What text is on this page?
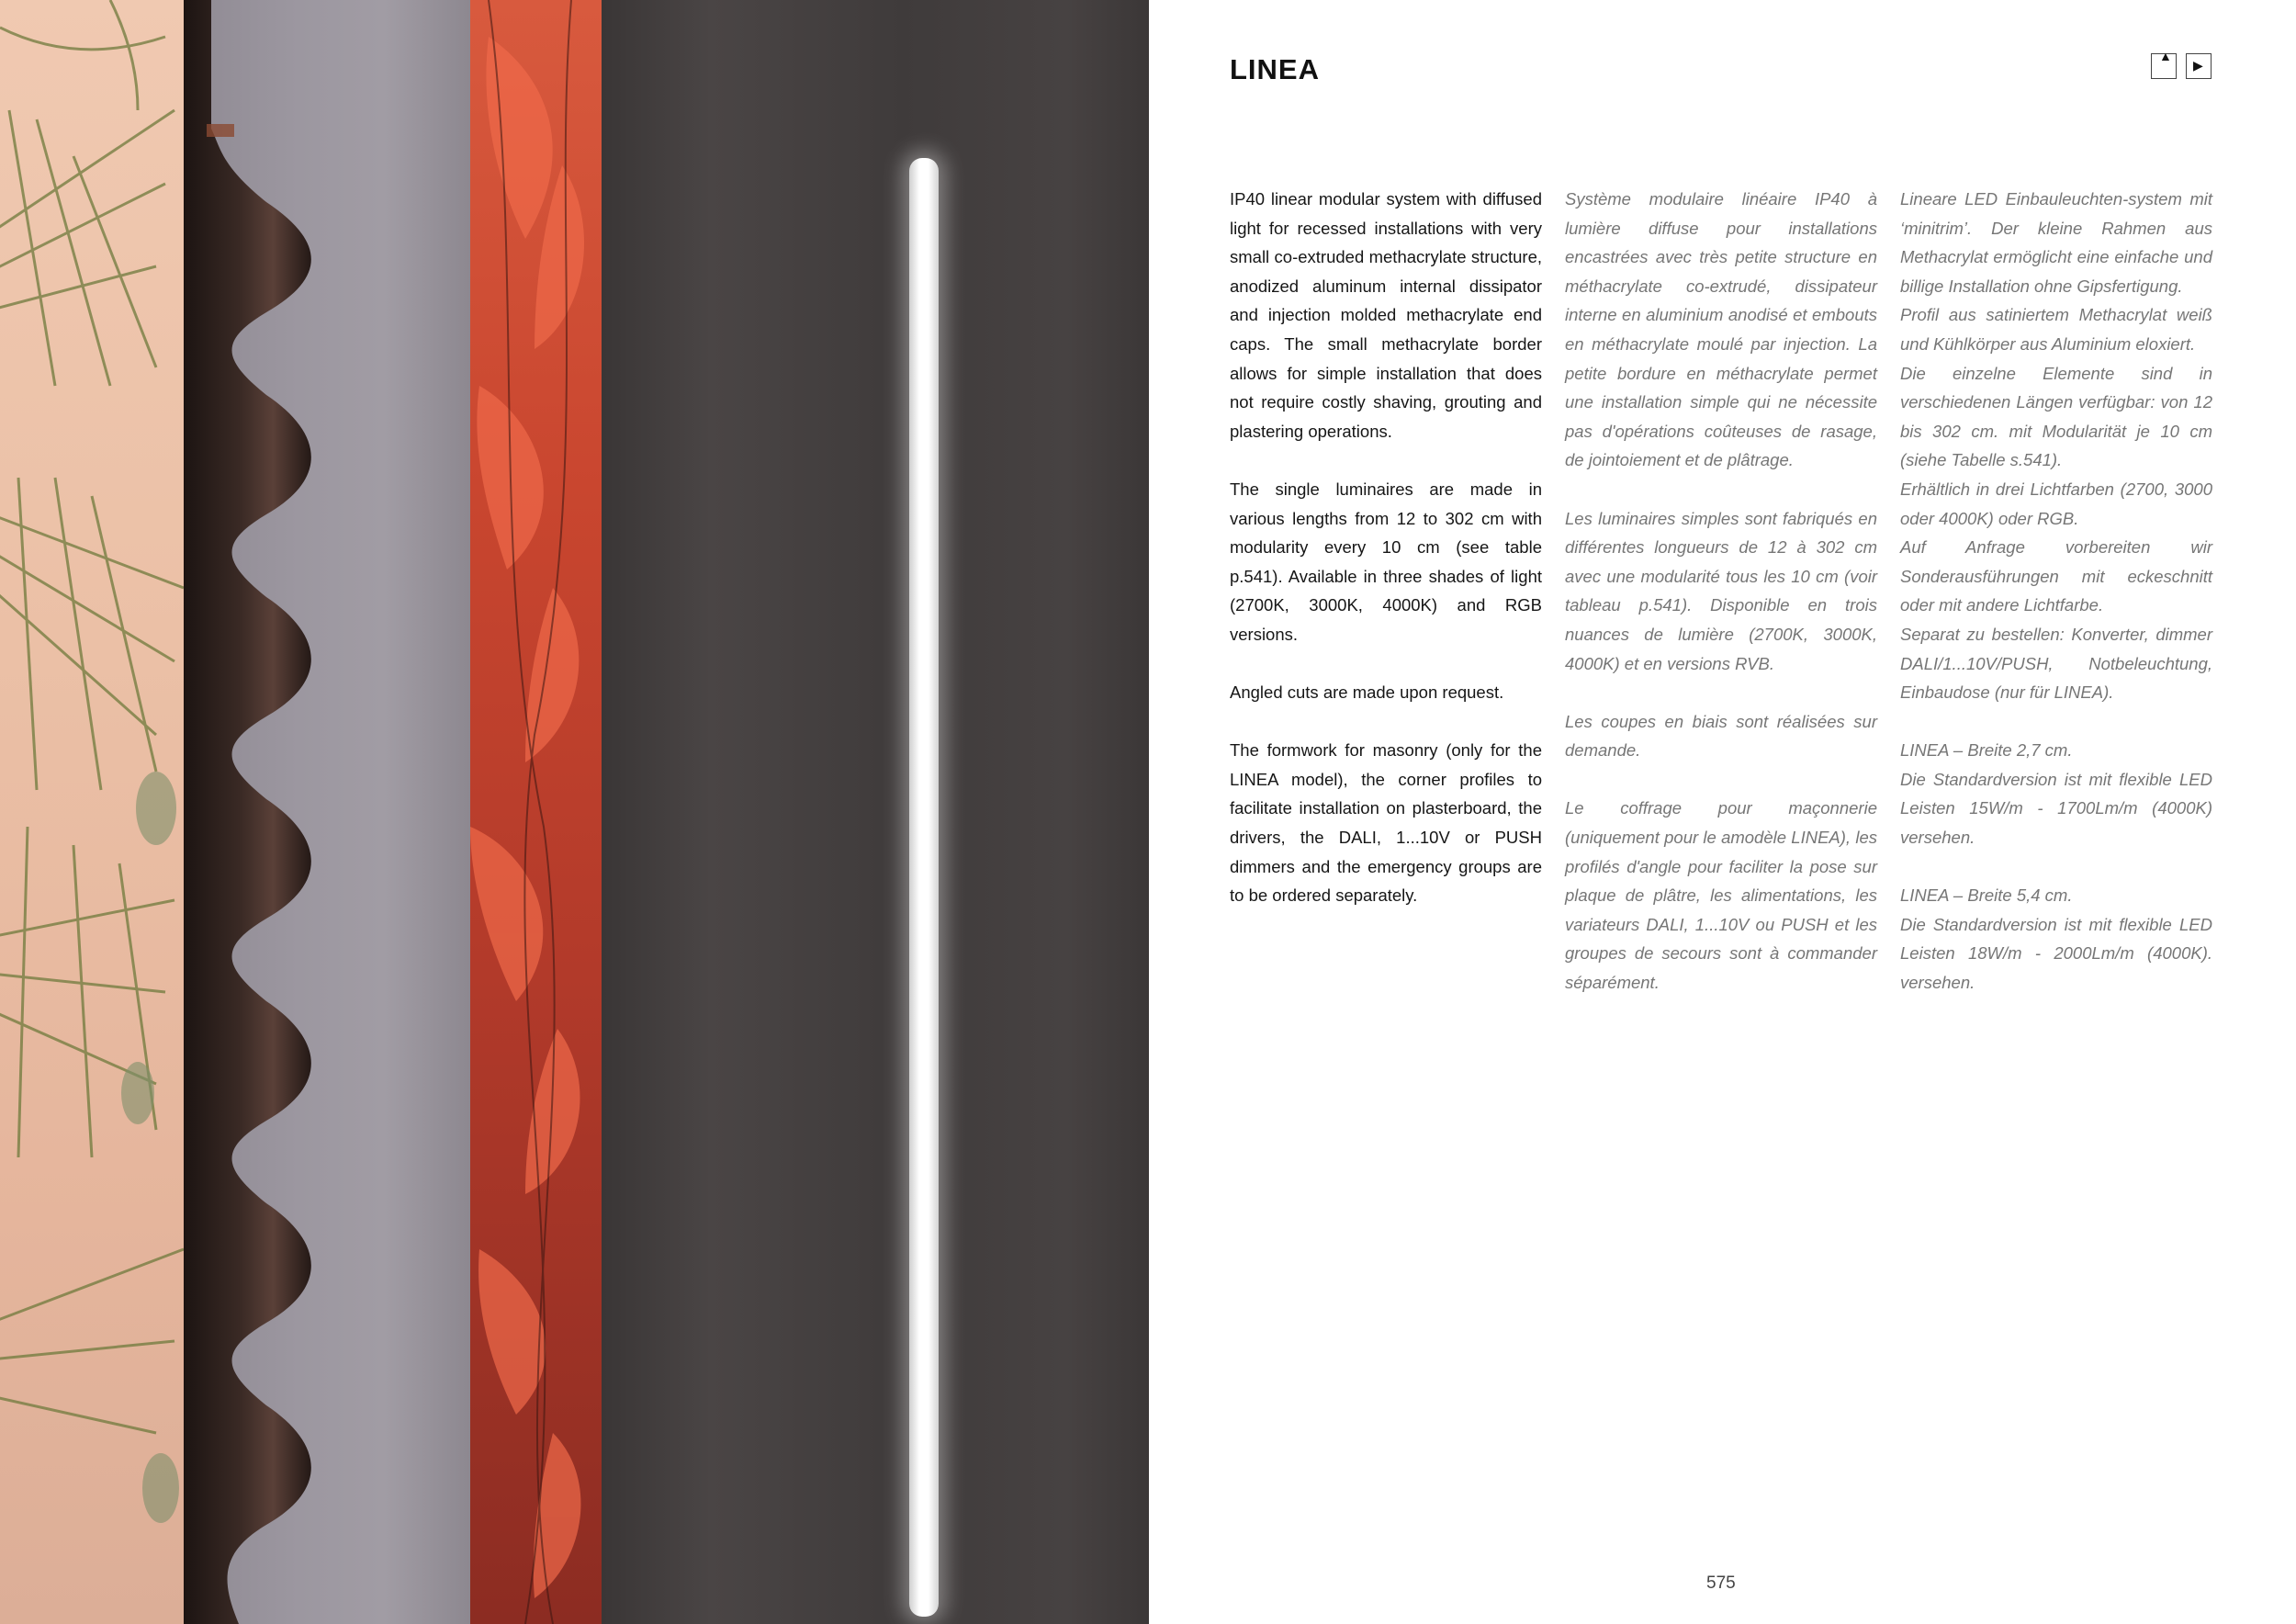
LINEA	▲
▶

IP40 linear modular system with diffused light for recessed installations with very small co-extruded methacrylate structure, anodized aluminum internal dissipator and injection molded methacrylate end caps. The small methacrylate border allows for simple installation that does not require costly shaving, grouting and plastering operations.

The single luminaires are made in various lengths from 12 to 302 cm with modularity every 10 cm (see table p.541). Available in three shades of light (2700K, 3000K, 4000K) and RGB versions.

Angled cuts are made upon request.

The formwork for masonry (only for the LINEA model), the corner profiles to facilitate installation on plasterboard, the drivers, the DALI, 1...10V or PUSH dimmers and the emergency groups are to be ordered separately.

Système modulaire linéaire IP40 à lumière diffuse pour installations encastrées avec très petite structure en méthacrylate co-extrudé, dissipateur interne en aluminium anodisé et embouts en méthacrylate moulé par injection. La petite bordure en méthacrylate permet une installation simple qui ne nécessite pas d'opérations coûteuses de rasage, de jointoiement et de plâtrage.

Les luminaires simples sont fabriqués en différentes longueurs de 12 à 302 cm avec une modularité tous les 10 cm (voir tableau p.541). Disponible en trois nuances de lumière (2700K, 3000K, 4000K) et en versions RVB.

Les coupes en biais sont réalisées sur demande.

Le coffrage pour maçonnerie (uniquement pour le amodèle LINEA), les profilés d'angle pour faciliter la pose sur plaque de plâtre, les alimentations, les variateurs DALI, 1...10V ou PUSH et les groupes de secours sont à commander séparément.

Lineare LED Einbauleuchten-system mit ‘minitrim’. Der kleine Rahmen aus Methacrylat ermöglicht eine einfache und billige Installation ohne Gipsfertigung.

Profil aus satiniertem Methacrylat weiß und Kühlkörper aus Aluminium eloxiert.

Die einzelne Elemente sind in verschiedenen Längen verfügbar: von 12 bis 302 cm. mit Modularität je 10 cm (siehe Tabelle s.541).

Erhältlich in drei Lichtfarben (2700, 3000 oder 4000K) oder RGB.

Auf Anfrage vorbereiten wir Sonderausführungen mit eckeschnitt oder mit andere Lichtfarbe.

Separat zu bestellen: Konverter, dimmer DALI/1...10V/PUSH, Notbeleuchtung, Einbaudose (nur für LINEA).

LINEA – Breite 2,7 cm.

Die Standardversion ist mit flexible LED Leisten 15W/m - 1700Lm/m (4000K) versehen.

LINEA – Breite 5,4 cm.

Die Standardversion ist mit flexible LED Leisten 18W/m - 2000Lm/m (4000K). versehen.

575
